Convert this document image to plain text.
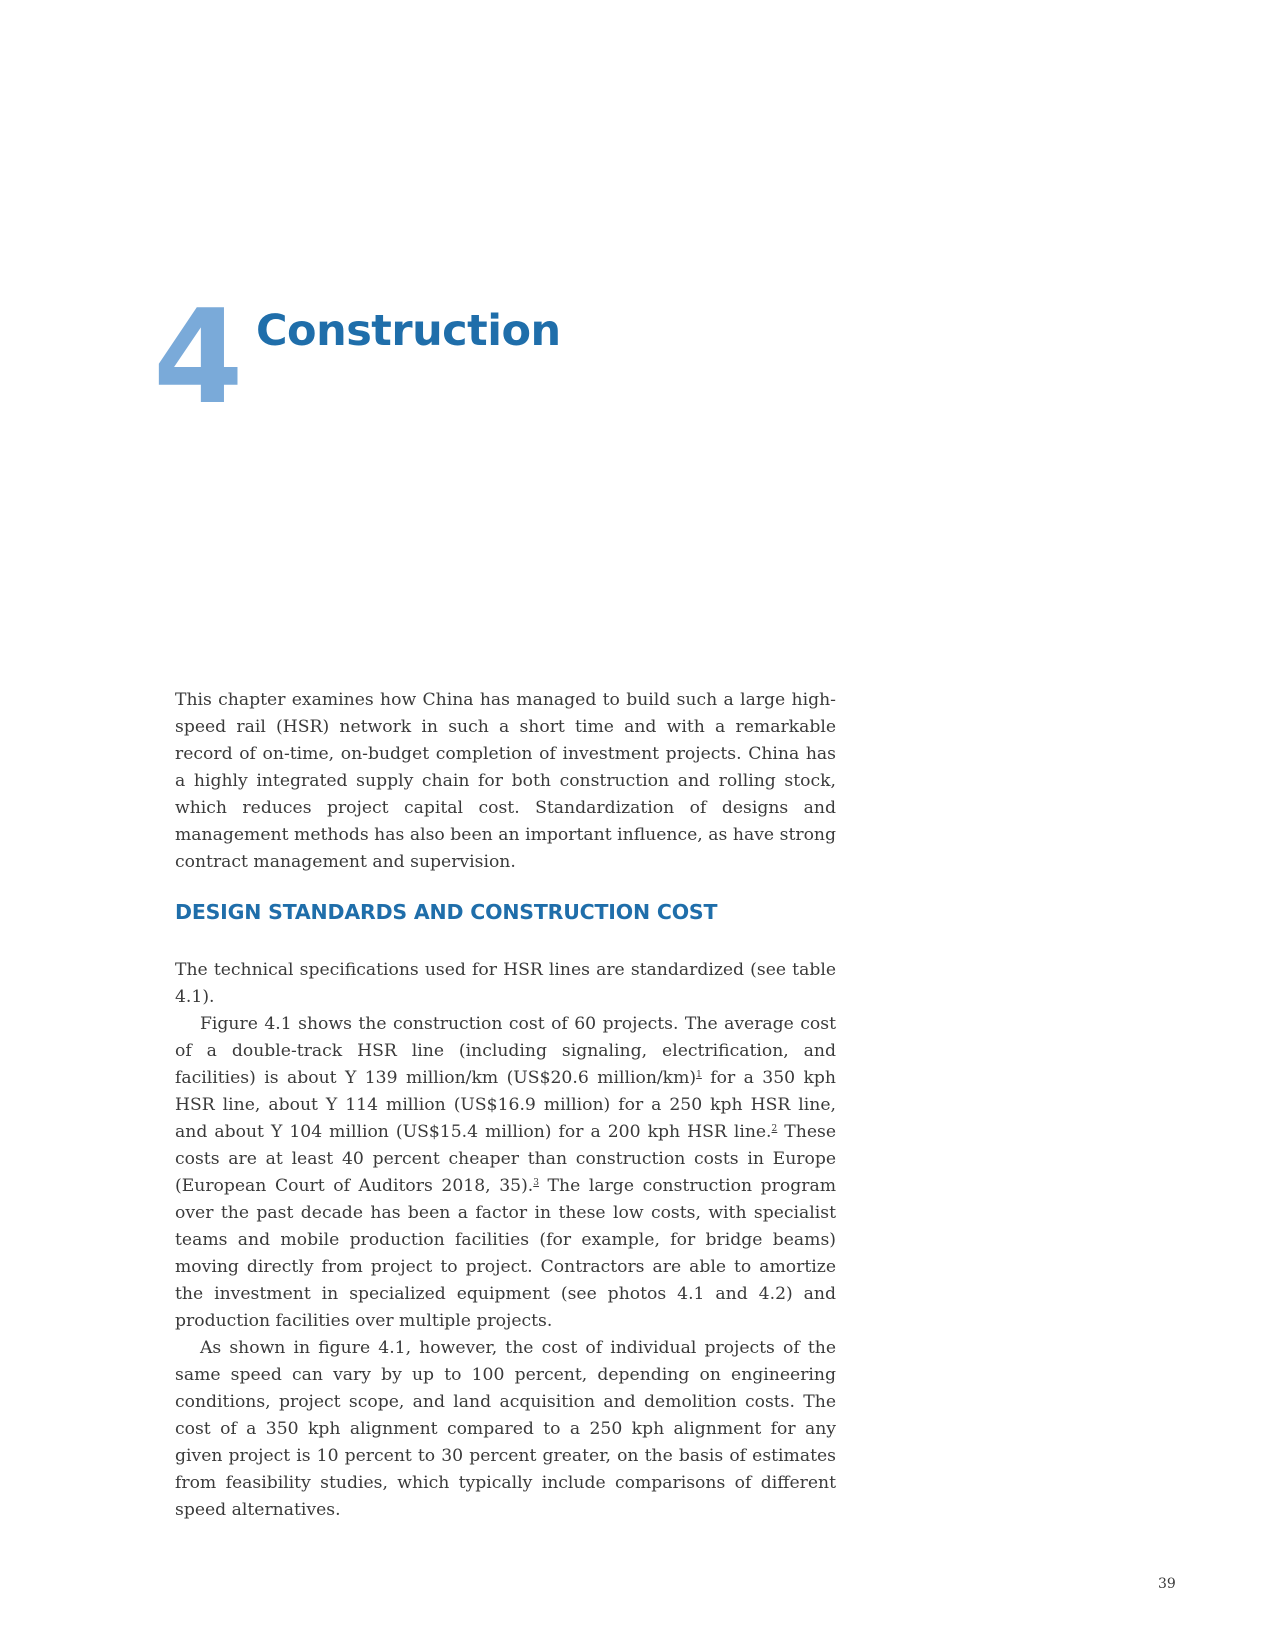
4 Construction

This chapter examines how China has managed to build such a large high-speed rail (HSR) network in such a short time and with a remarkable record of on-time, on-budget completion of investment projects. China has a highly integrated supply chain for both construction and rolling stock, which reduces project capital cost. Standardization of designs and management methods has also been an important influence, as have strong contract management and supervision.

DESIGN STANDARDS AND CONSTRUCTION COST

The technical specifications used for HSR lines are standardized (see table 4.1).

Figure 4.1 shows the construction cost of 60 projects. The average cost of a double-track HSR line (including signaling, electrification, and facilities) is about Y 139 million/km (US$20.6 million/km)$^1$ for a 350 kph HSR line, about Y 114 million (US$16.9 million) for a 250 kph HSR line, and about Y 104 million (US$15.4 million) for a 200 kph HSR line.$^2$ These costs are at least 40 percent cheaper than construction costs in Europe (European Court of Auditors 2018, 35).$^3$ The large construction program over the past decade has been a factor in these low costs, with specialist teams and mobile production facilities (for example, for bridge beams) moving directly from project to project. Contractors are able to amortize the investment in specialized equipment (see photos 4.1 and 4.2) and production facilities over multiple projects.

As shown in figure 4.1, however, the cost of individual projects of the same speed can vary by up to 100 percent, depending on engineering conditions, project scope, and land acquisition and demolition costs. The cost of a 350 kph alignment compared to a 250 kph alignment for any given project is 10 percent to 30 percent greater, on the basis of estimates from feasibility studies, which typically include comparisons of different speed alternatives.

39
